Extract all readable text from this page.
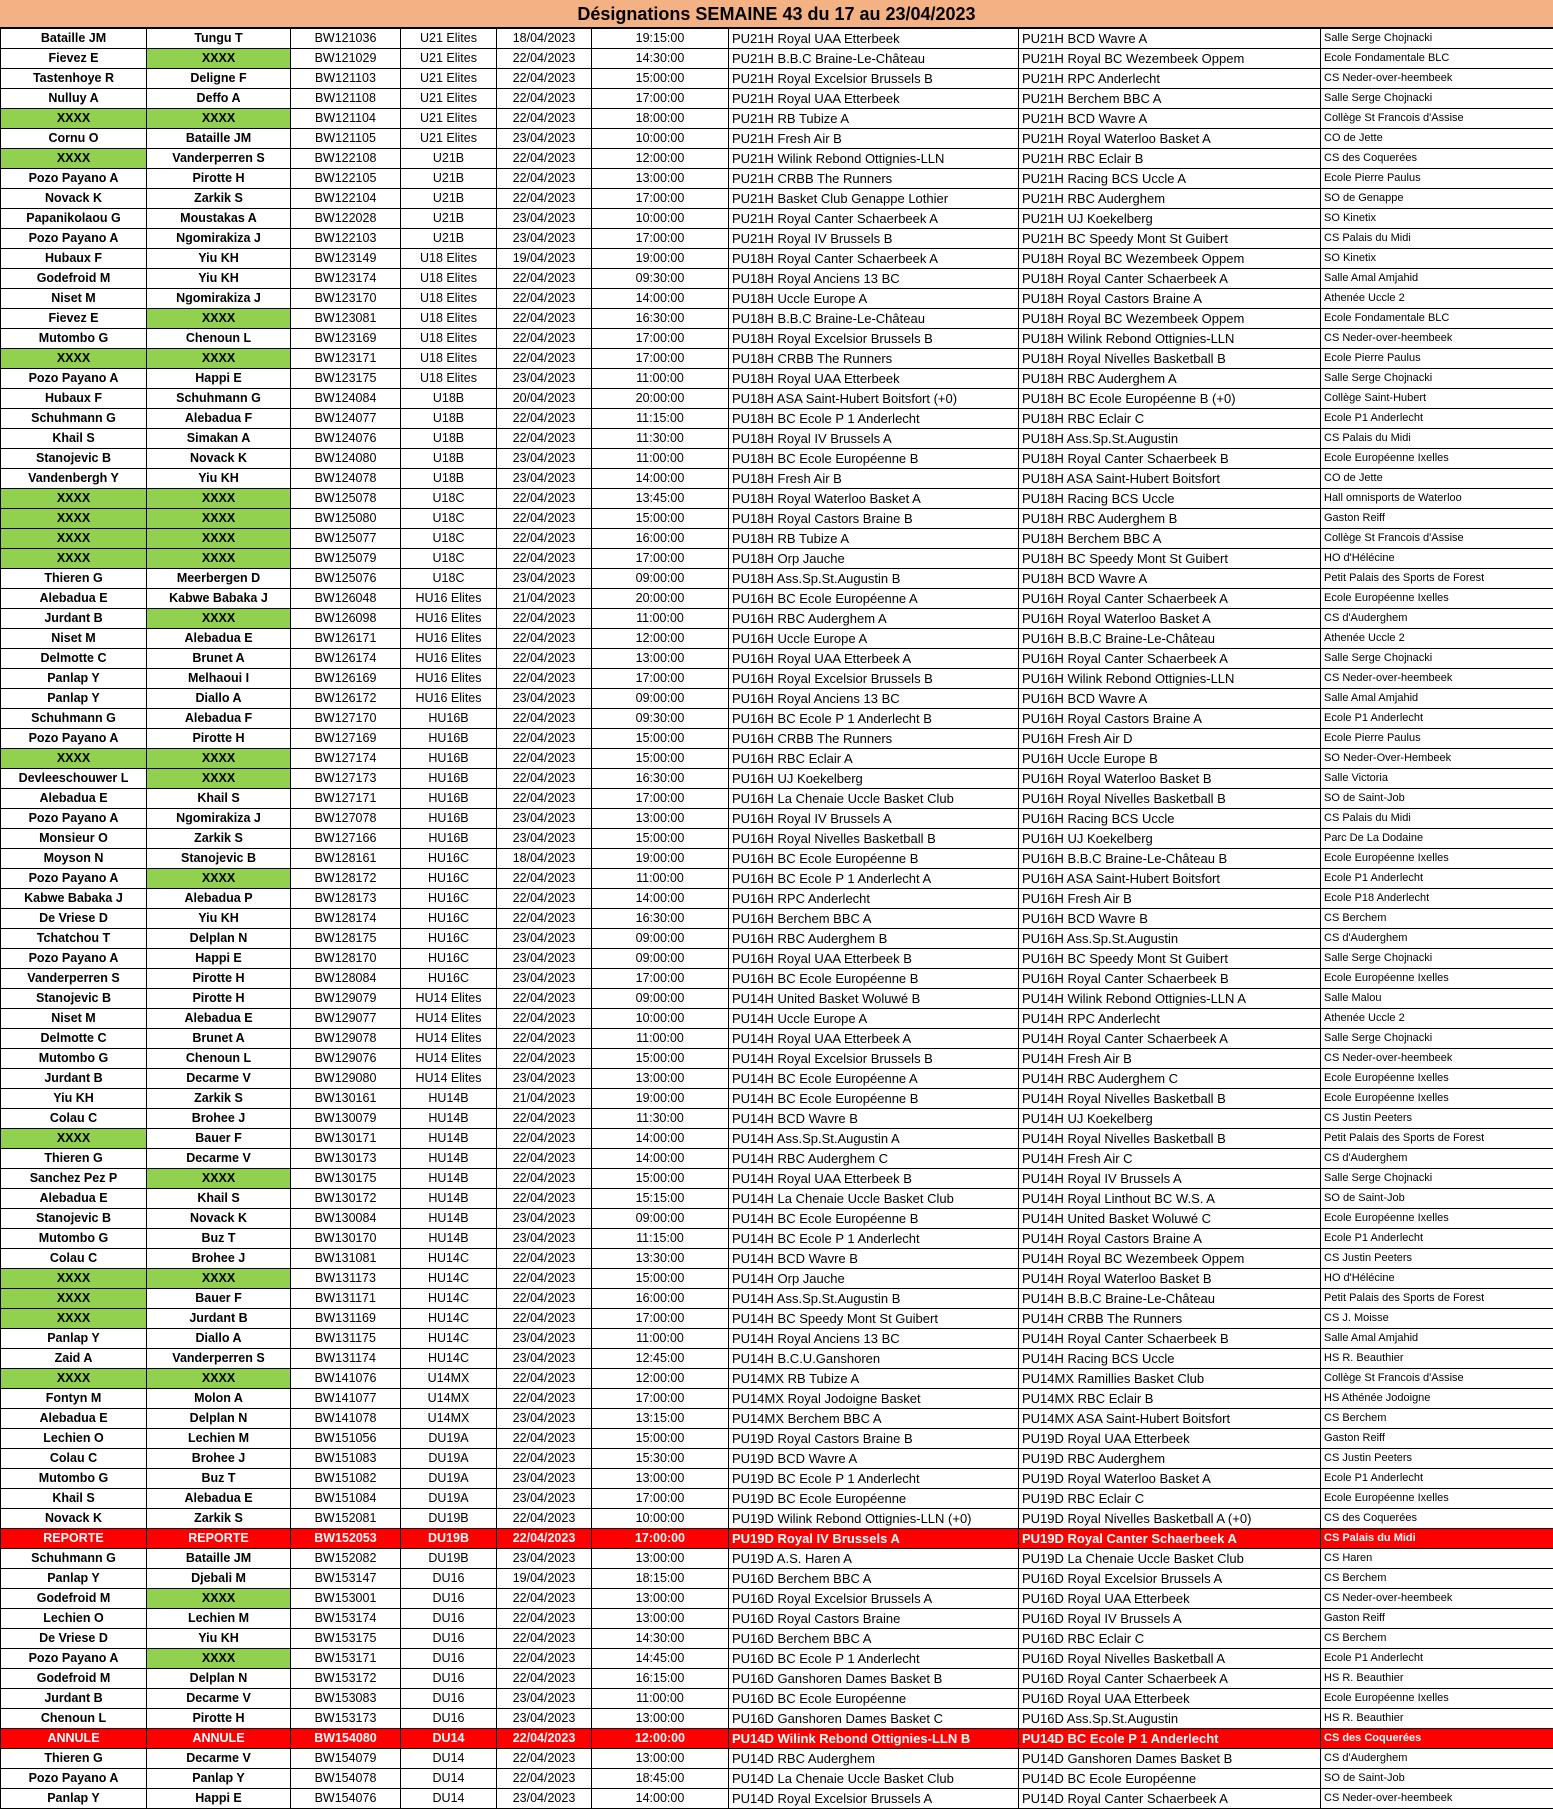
Désignations SEMAINE 43 du 17 au 23/04/2023
Bataille JM	Tungu T	BW121036	U21 Elites	18/04/2023	19:15:00	PU21H Royal UAA Etterbeek	PU21H BCD Wavre A	Salle Serge Chojnacki
Fievez E	XXXX	BW121029	U21 Elites	22/04/2023	14:30:00	PU21H B.B.C Braine-Le-Château	PU21H Royal BC Wezembeek Oppem	Ecole Fondamentale BLC
Tastenhoye R	Deligne F	BW121103	U21 Elites	22/04/2023	15:00:00	PU21H Royal Excelsior Brussels B	PU21H RPC Anderlecht	CS Neder-over-heembeek
Nulluy A	Deffo A	BW121108	U21 Elites	22/04/2023	17:00:00	PU21H Royal UAA Etterbeek	PU21H Berchem BBC A	Salle Serge Chojnacki
XXXX	XXXX	BW121104	U21 Elites	22/04/2023	18:00:00	PU21H RB Tubize A	PU21H BCD Wavre A	Collège St Francois d'Assise
Cornu O	Bataille JM	BW121105	U21 Elites	23/04/2023	10:00:00	PU21H Fresh Air B	PU21H Royal Waterloo Basket A	CO de Jette
XXXX	Vanderperren S	BW122108	U21B	22/04/2023	12:00:00	PU21H Wilink Rebond Ottignies-LLN	PU21H RBC Eclair B	CS des Coquerées
Pozo Payano A	Pirotte H	BW122105	U21B	22/04/2023	13:00:00	PU21H CRBB The Runners	PU21H Racing BCS Uccle A	Ecole Pierre Paulus
Novack K	Zarkik S	BW122104	U21B	22/04/2023	17:00:00	PU21H Basket Club Genappe Lothier	PU21H RBC Auderghem	SO de Genappe
Papanikolaou G	Moustakas A	BW122028	U21B	23/04/2023	10:00:00	PU21H Royal Canter Schaerbeek A	PU21H UJ Koekelberg	SO Kinetix
Pozo Payano A	Ngomirakiza J	BW122103	U21B	23/04/2023	17:00:00	PU21H Royal IV Brussels B	PU21H BC Speedy Mont St Guibert	CS Palais du Midi
Hubaux F	Yiu KH	BW123149	U18 Elites	19/04/2023	19:00:00	PU18H Royal Canter Schaerbeek A	PU18H Royal BC Wezembeek Oppem	SO Kinetix
Godefroid M	Yiu KH	BW123174	U18 Elites	22/04/2023	09:30:00	PU18H Royal Anciens 13 BC	PU18H Royal Canter Schaerbeek A	Salle Amal Amjahid
Niset M	Ngomirakiza J	BW123170	U18 Elites	22/04/2023	14:00:00	PU18H Uccle Europe A	PU18H Royal Castors Braine A	Athenée Uccle 2
Fievez E	XXXX	BW123081	U18 Elites	22/04/2023	16:30:00	PU18H B.B.C Braine-Le-Château	PU18H Royal BC Wezembeek Oppem	Ecole Fondamentale BLC
Mutombo G	Chenoun L	BW123169	U18 Elites	22/04/2023	17:00:00	PU18H Royal Excelsior Brussels B	PU18H Wilink Rebond Ottignies-LLN	CS Neder-over-heembeek
XXXX	XXXX	BW123171	U18 Elites	22/04/2023	17:00:00	PU18H CRBB The Runners	PU18H Royal Nivelles Basketball B	Ecole Pierre Paulus
Pozo Payano A	Happi E	BW123175	U18 Elites	23/04/2023	11:00:00	PU18H Royal UAA Etterbeek	PU18H RBC Auderghem A	Salle Serge Chojnacki
Hubaux F	Schuhmann G	BW124084	U18B	20/04/2023	20:00:00	PU18H ASA Saint-Hubert Boitsfort (+0)	PU18H BC Ecole Européenne B (+0)	Collège Saint-Hubert
Schuhmann G	Alebadua F	BW124077	U18B	22/04/2023	11:15:00	PU18H BC Ecole P 1 Anderlecht	PU18H RBC Eclair C	Ecole P1 Anderlecht
Khail S	Simakan A	BW124076	U18B	22/04/2023	11:30:00	PU18H Royal IV Brussels A	PU18H Ass.Sp.St.Augustin	CS Palais du Midi
Stanojevic B	Novack K	BW124080	U18B	23/04/2023	11:00:00	PU18H BC Ecole Européenne B	PU18H Royal Canter Schaerbeek B	Ecole Européenne Ixelles
Vandenbergh Y	Yiu KH	BW124078	U18B	23/04/2023	14:00:00	PU18H Fresh Air B	PU18H ASA Saint-Hubert Boitsfort	CO de Jette
XXXX	XXXX	BW125078	U18C	22/04/2023	13:45:00	PU18H Royal Waterloo Basket A	PU18H Racing BCS Uccle	Hall omnisports de Waterloo
XXXX	XXXX	BW125080	U18C	22/04/2023	15:00:00	PU18H Royal Castors Braine B	PU18H RBC Auderghem B	Gaston Reiff
XXXX	XXXX	BW125077	U18C	22/04/2023	16:00:00	PU18H RB Tubize A	PU18H Berchem BBC A	Collège St Francois d'Assise
XXXX	XXXX	BW125079	U18C	22/04/2023	17:00:00	PU18H Orp Jauche	PU18H BC Speedy Mont St Guibert	HO d'Hélécine
Thieren G	Meerbergen D	BW125076	U18C	23/04/2023	09:00:00	PU18H Ass.Sp.St.Augustin B	PU18H BCD Wavre A	Petit Palais des Sports de Forest
Alebadua E	Kabwe Babaka J	BW126048	HU16 Elites	21/04/2023	20:00:00	PU16H BC Ecole Européenne A	PU16H Royal Canter Schaerbeek A	Ecole Européenne Ixelles
Jurdant B	XXXX	BW126098	HU16 Elites	22/04/2023	11:00:00	PU16H RBC Auderghem A	PU16H Royal Waterloo Basket A	CS d'Auderghem
Niset M	Alebadua E	BW126171	HU16 Elites	22/04/2023	12:00:00	PU16H Uccle Europe A	PU16H B.B.C Braine-Le-Château	Athenée Uccle 2
Delmotte C	Brunet A	BW126174	HU16 Elites	22/04/2023	13:00:00	PU16H Royal UAA Etterbeek A	PU16H Royal Canter Schaerbeek A	Salle Serge Chojnacki
Panlap Y	Melhaoui I	BW126169	HU16 Elites	22/04/2023	17:00:00	PU16H Royal Excelsior Brussels B	PU16H Wilink Rebond Ottignies-LLN	CS Neder-over-heembeek
Panlap Y	Diallo A	BW126172	HU16 Elites	23/04/2023	09:00:00	PU16H Royal Anciens 13 BC	PU16H BCD Wavre A	Salle Amal Amjahid
Schuhmann G	Alebadua F	BW127170	HU16B	22/04/2023	09:30:00	PU16H BC Ecole P 1 Anderlecht B	PU16H Royal Castors Braine A	Ecole P1 Anderlecht
Pozo Payano A	Pirotte H	BW127169	HU16B	22/04/2023	15:00:00	PU16H CRBB The Runners	PU16H Fresh Air D	Ecole Pierre Paulus
XXXX	XXXX	BW127174	HU16B	22/04/2023	15:00:00	PU16H RBC Eclair A	PU16H Uccle Europe B	SO Neder-Over-Hembeek
Devleeschouwer L	XXXX	BW127173	HU16B	22/04/2023	16:30:00	PU16H UJ Koekelberg	PU16H Royal Waterloo Basket B	Salle Victoria
Alebadua E	Khail S	BW127171	HU16B	22/04/2023	17:00:00	PU16H La Chenaie Uccle Basket Club	PU16H Royal Nivelles Basketball B	SO de Saint-Job
Pozo Payano A	Ngomirakiza J	BW127078	HU16B	23/04/2023	13:00:00	PU16H Royal IV Brussels A	PU16H Racing BCS Uccle	CS Palais du Midi
Monsieur O	Zarkik S	BW127166	HU16B	23/04/2023	15:00:00	PU16H Royal Nivelles Basketball B	PU16H UJ Koekelberg	Parc De La Dodaine
Moyson N	Stanojevic B	BW128161	HU16C	18/04/2023	19:00:00	PU16H BC Ecole Européenne B	PU16H B.B.C Braine-Le-Château B	Ecole Européenne Ixelles
Pozo Payano A	XXXX	BW128172	HU16C	22/04/2023	11:00:00	PU16H BC Ecole P 1 Anderlecht A	PU16H ASA Saint-Hubert Boitsfort	Ecole P1 Anderlecht
Kabwe Babaka J	Alebadua P	BW128173	HU16C	22/04/2023	14:00:00	PU16H RPC Anderlecht	PU16H Fresh Air B	Ecole P18 Anderlecht
De Vriese D	Yiu KH	BW128174	HU16C	22/04/2023	16:30:00	PU16H Berchem BBC A	PU16H BCD Wavre B	CS Berchem
Tchatchou T	Delplan N	BW128175	HU16C	23/04/2023	09:00:00	PU16H RBC Auderghem B	PU16H Ass.Sp.St.Augustin	CS d'Auderghem
Pozo Payano A	Happi E	BW128170	HU16C	23/04/2023	09:00:00	PU16H Royal UAA Etterbeek B	PU16H BC Speedy Mont St Guibert	Salle Serge Chojnacki
Vanderperren S	Pirotte H	BW128084	HU16C	23/04/2023	17:00:00	PU16H BC Ecole Européenne B	PU16H Royal Canter Schaerbeek B	Ecole Européenne Ixelles
Stanojevic B	Pirotte H	BW129079	HU14 Elites	22/04/2023	09:00:00	PU14H United Basket Woluwé B	PU14H Wilink Rebond Ottignies-LLN A	Salle Malou
Niset M	Alebadua E	BW129077	HU14 Elites	22/04/2023	10:00:00	PU14H Uccle Europe A	PU14H RPC Anderlecht	Athenée Uccle 2
Delmotte C	Brunet A	BW129078	HU14 Elites	22/04/2023	11:00:00	PU14H Royal UAA Etterbeek A	PU14H Royal Canter Schaerbeek A	Salle Serge Chojnacki
Mutombo G	Chenoun L	BW129076	HU14 Elites	22/04/2023	15:00:00	PU14H Royal Excelsior Brussels B	PU14H Fresh Air B	CS Neder-over-heembeek
Jurdant B	Decarme V	BW129080	HU14 Elites	23/04/2023	13:00:00	PU14H BC Ecole Européenne A	PU14H RBC Auderghem C	Ecole Européenne Ixelles
Yiu KH	Zarkik S	BW130161	HU14B	21/04/2023	19:00:00	PU14H BC Ecole Européenne B	PU14H Royal Nivelles Basketball B	Ecole Européenne Ixelles
Colau C	Brohee J	BW130079	HU14B	22/04/2023	11:30:00	PU14H BCD Wavre B	PU14H UJ Koekelberg	CS Justin Peeters
XXXX	Bauer F	BW130171	HU14B	22/04/2023	14:00:00	PU14H Ass.Sp.St.Augustin A	PU14H Royal Nivelles Basketball B	Petit Palais des Sports de Forest
Thieren G	Decarme V	BW130173	HU14B	22/04/2023	14:00:00	PU14H RBC Auderghem C	PU14H Fresh Air C	CS d'Auderghem
Sanchez Pez P	XXXX	BW130175	HU14B	22/04/2023	15:00:00	PU14H Royal UAA Etterbeek B	PU14H Royal IV Brussels A	Salle Serge Chojnacki
Alebadua E	Khail S	BW130172	HU14B	22/04/2023	15:15:00	PU14H La Chenaie Uccle Basket Club	PU14H Royal Linthout BC W.S. A	SO de Saint-Job
Stanojevic B	Novack K	BW130084	HU14B	23/04/2023	09:00:00	PU14H BC Ecole Européenne B	PU14H United Basket Woluwé C	Ecole Européenne Ixelles
Mutombo G	Buz T	BW130170	HU14B	23/04/2023	11:15:00	PU14H BC Ecole P 1 Anderlecht	PU14H Royal Castors Braine A	Ecole P1 Anderlecht
Colau C	Brohee J	BW131081	HU14C	22/04/2023	13:30:00	PU14H BCD Wavre B	PU14H Royal BC Wezembeek Oppem	CS Justin Peeters
XXXX	XXXX	BW131173	HU14C	22/04/2023	15:00:00	PU14H Orp Jauche	PU14H Royal Waterloo Basket B	HO d'Hélécine
XXXX	Bauer F	BW131171	HU14C	22/04/2023	16:00:00	PU14H Ass.Sp.St.Augustin B	PU14H B.B.C Braine-Le-Château	Petit Palais des Sports de Forest
XXXX	Jurdant B	BW131169	HU14C	22/04/2023	17:00:00	PU14H BC Speedy Mont St Guibert	PU14H CRBB The Runners	CS J. Moisse
Panlap Y	Diallo A	BW131175	HU14C	23/04/2023	11:00:00	PU14H Royal Anciens 13 BC	PU14H Royal Canter Schaerbeek B	Salle Amal Amjahid
Zaid A	Vanderperren S	BW131174	HU14C	23/04/2023	12:45:00	PU14H B.C.U.Ganshoren	PU14H Racing BCS Uccle	HS R. Beauthier
XXXX	XXXX	BW141076	U14MX	22/04/2023	12:00:00	PU14MX RB Tubize A	PU14MX Ramillies Basket Club	Collège St Francois d'Assise
Fontyn M	Molon A	BW141077	U14MX	22/04/2023	17:00:00	PU14MX Royal Jodoigne Basket	PU14MX RBC Eclair B	HS Athénée Jodoigne
Alebadua E	Delplan N	BW141078	U14MX	23/04/2023	13:15:00	PU14MX Berchem BBC A	PU14MX ASA Saint-Hubert Boitsfort	CS Berchem
Lechien O	Lechien M	BW151056	DU19A	22/04/2023	15:00:00	PU19D Royal Castors Braine B	PU19D Royal UAA Etterbeek	Gaston Reiff
Colau C	Brohee J	BW151083	DU19A	22/04/2023	15:30:00	PU19D BCD Wavre A	PU19D RBC Auderghem	CS Justin Peeters
Mutombo G	Buz T	BW151082	DU19A	23/04/2023	13:00:00	PU19D BC Ecole P 1 Anderlecht	PU19D Royal Waterloo Basket A	Ecole P1 Anderlecht
Khail S	Alebadua E	BW151084	DU19A	23/04/2023	17:00:00	PU19D BC Ecole Européenne	PU19D RBC Eclair C	Ecole Européenne Ixelles
Novack K	Zarkik S	BW152081	DU19B	22/04/2023	10:00:00	PU19D Wilink Rebond Ottignies-LLN (+0)	PU19D Royal Nivelles Basketball A (+0)	CS des Coquerées
REPORTE	REPORTE	BW152053	DU19B	22/04/2023	17:00:00	PU19D Royal IV Brussels A	PU19D Royal Canter Schaerbeek A	CS Palais du Midi
Schuhmann G	Bataille JM	BW152082	DU19B	23/04/2023	13:00:00	PU19D A.S. Haren A	PU19D La Chenaie Uccle Basket Club	CS Haren
Panlap Y	Djebali M	BW153147	DU16	19/04/2023	18:15:00	PU16D Berchem BBC A	PU16D Royal Excelsior Brussels A	CS Berchem
Godefroid M	XXXX	BW153001	DU16	22/04/2023	13:00:00	PU16D Royal Excelsior Brussels A	PU16D Royal UAA Etterbeek	CS Neder-over-heembeek
Lechien O	Lechien M	BW153174	DU16	22/04/2023	13:00:00	PU16D Royal Castors Braine	PU16D Royal IV Brussels A	Gaston Reiff
De Vriese D	Yiu KH	BW153175	DU16	22/04/2023	14:30:00	PU16D Berchem BBC A	PU16D RBC Eclair C	CS Berchem
Pozo Payano A	XXXX	BW153171	DU16	22/04/2023	14:45:00	PU16D BC Ecole P 1 Anderlecht	PU16D Royal Nivelles Basketball A	Ecole P1 Anderlecht
Godefroid M	Delplan N	BW153172	DU16	22/04/2023	16:15:00	PU16D Ganshoren Dames Basket B	PU16D Royal Canter Schaerbeek A	HS R. Beauthier
Jurdant B	Decarme V	BW153083	DU16	23/04/2023	11:00:00	PU16D BC Ecole Européenne	PU16D Royal UAA Etterbeek	Ecole Européenne Ixelles
Chenoun L	Pirotte H	BW153173	DU16	23/04/2023	13:00:00	PU16D Ganshoren Dames Basket C	PU16D Ass.Sp.St.Augustin	HS R. Beauthier
ANNULE	ANNULE	BW154080	DU14	22/04/2023	12:00:00	PU14D Wilink Rebond Ottignies-LLN B	PU14D BC Ecole P 1 Anderlecht	CS des Coquerées
Thieren G	Decarme V	BW154079	DU14	22/04/2023	13:00:00	PU14D RBC Auderghem	PU14D Ganshoren Dames Basket B	CS d'Auderghem
Pozo Payano A	Panlap Y	BW154078	DU14	22/04/2023	18:45:00	PU14D La Chenaie Uccle Basket Club	PU14D BC Ecole Européenne	SO de Saint-Job
Panlap Y	Happi E	BW154076	DU14	23/04/2023	14:00:00	PU14D Royal Excelsior Brussels A	PU14D Royal Canter Schaerbeek A	CS Neder-over-heembeek
